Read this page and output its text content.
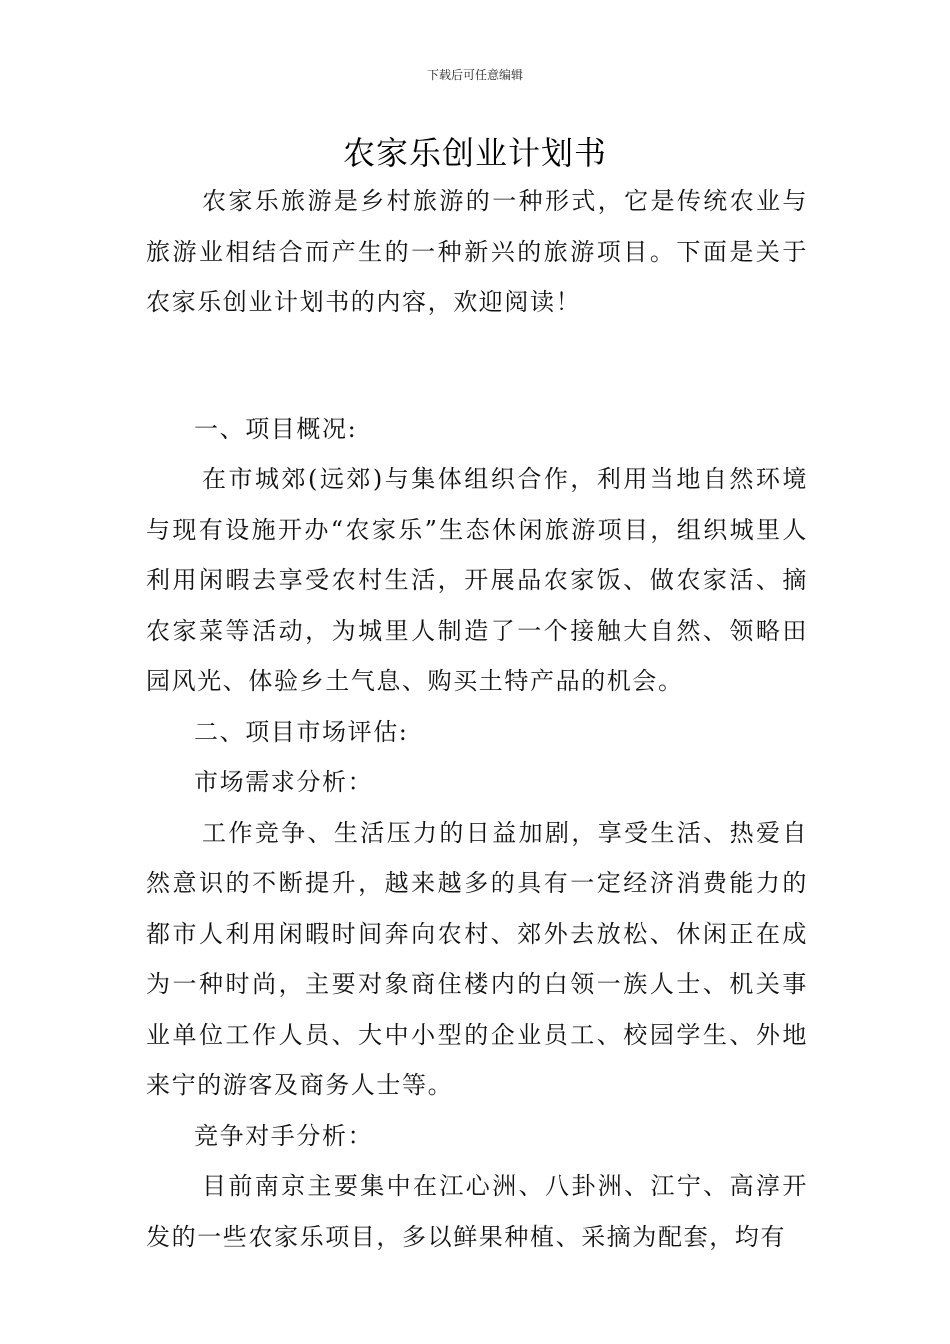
下载后可任意编辑
农家乐创业计划书

农家乐旅游是乡村旅游的一种形式，它是传统农业与旅游业相结合而产生的一种新兴的旅游项目。下面是关于农家乐创业计划书的内容，欢迎阅读！

一、项目概况:

在市城郊(远郊)与集体组织合作，利用当地自然环境与现有设施开办“农家乐”生态休闲旅游项目，组织城里人利用闲暇去享受农村生活，开展品农家饭、做农家活、摘农家菜等活动，为城里人制造了一个接触大自然、领略田园风光、体验乡土气息、购买土特产品的机会。

二、项目市场评估:

市场需求分析：

工作竞争、生活压力的日益加剧，享受生活、热爱自然意识的不断提升，越来越多的具有一定经济消费能力的都市人利用闲暇时间奔向农村、郊外去放松、休闲正在成为一种时尚，主要对象商住楼内的白领一族人士、机关事业单位工作人员、大中小型的企业员工、校园学生、外地来宁的游客及商务人士等。

竞争对手分析：

目前南京主要集中在江心洲、八卦洲、江宁、高淳开发的一些农家乐项目，多以鲜果种植、采摘为配套，均有
